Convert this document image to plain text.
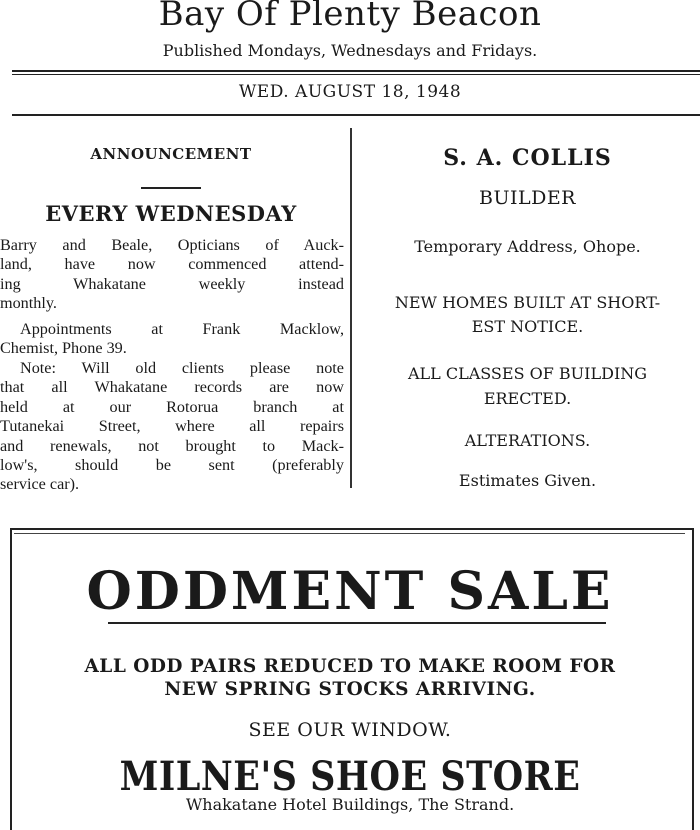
Bay Of Plenty Beacon
Published Mondays, Wednesdays and Fridays.
WED. AUGUST 18, 1948
ANNOUNCEMENT
EVERY WEDNESDAY
Barry and Beale, Opticians of Auck-
land, have now commenced attend-
ing Whakatane weekly instead
monthly.
Appointments at Frank Macklow,
Chemist, Phone 39.
Note: Will old clients please note
that all Whakatane records are now
held at our Rotorua branch at
Tutanekai Street, where all repairs
and renewals, not brought to Mack-
low's, should be sent (preferably
service car).
S. A. COLLIS
BUILDER
Temporary Address, Ohope.
NEW HOMES BUILT AT SHORT-
EST NOTICE.
ALL CLASSES OF BUILDING
ERECTED.
ALTERATIONS.
Estimates Given.
ODDMENT SALE
ALL ODD PAIRS REDUCED TO MAKE ROOM FOR
NEW SPRING STOCKS ARRIVING.
SEE OUR WINDOW.
MILNE'S SHOE STORE
Whakatane Hotel Buildings, The Strand.
